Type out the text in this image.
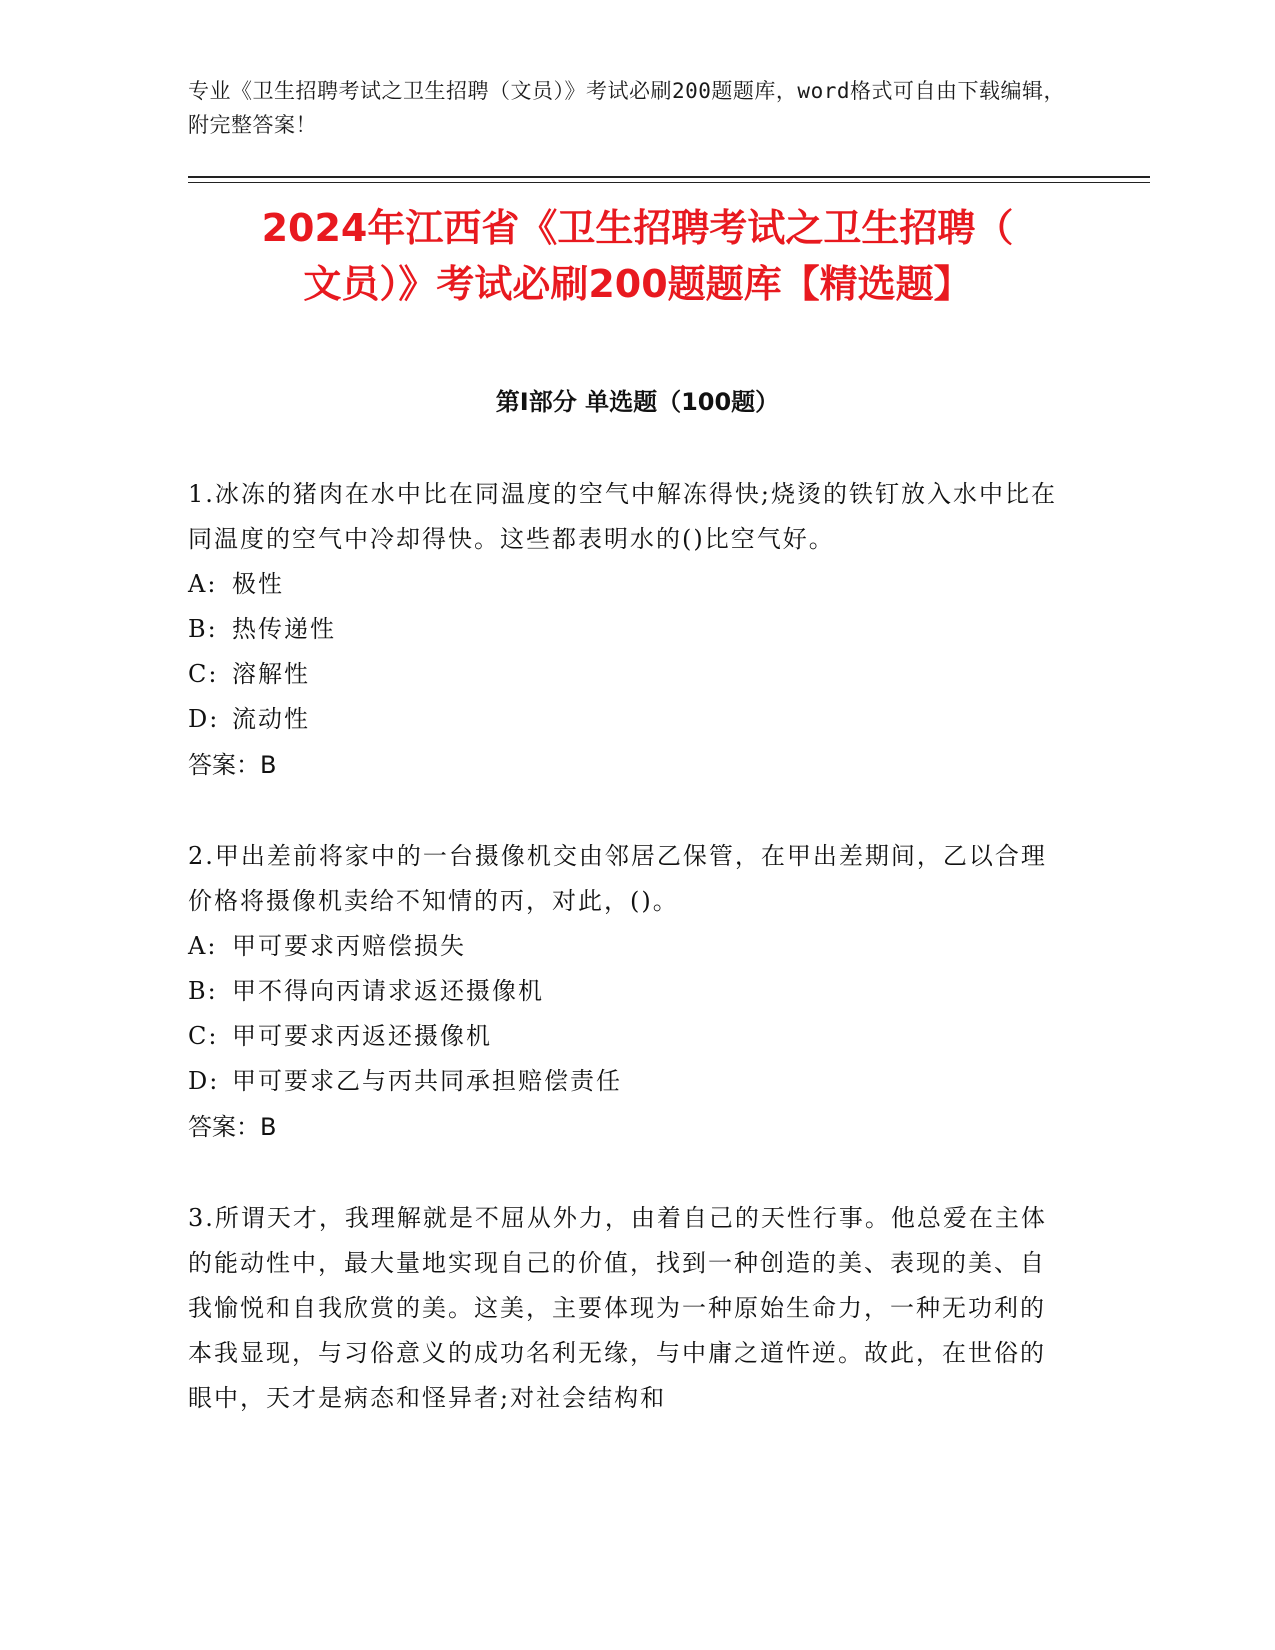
专业《卫生招聘考试之卫生招聘（文员）》考试必刷200题题库，word格式可自由下载编辑，附完整答案！
2024年江西省《卫生招聘考试之卫生招聘（
文员）》考试必刷200题题库【精选题】
第Ⅰ部分 单选题（100题）

1.冰冻的猪肉在水中比在同温度的空气中解冻得快;烧烫的铁钉放入水中比在同温度的空气中冷却得快。这些都表明水的()比空气好。

A: 极性

B: 热传递性

C: 溶解性

D: 流动性

答案：B

2.甲出差前将家中的一台摄像机交由邻居乙保管，在甲出差期间，乙以合理价格将摄像机卖给不知情的丙，对此，()。

A: 甲可要求丙赔偿损失

B: 甲不得向丙请求返还摄像机

C: 甲可要求丙返还摄像机

D: 甲可要求乙与丙共同承担赔偿责任

答案：B

3.所谓天才，我理解就是不屈从外力，由着自己的天性行事。他总爱在主体的能动性中，最大量地实现自己的价值，找到一种创造的美、表现的美、自我愉悦和自我欣赏的美。这美，主要体现为一种原始生命力，一种无功利的本我显现，与习俗意义的成功名利无缘，与中庸之道忤逆。故此，在世俗的眼中，天才是病态和怪异者;对社会结构和
